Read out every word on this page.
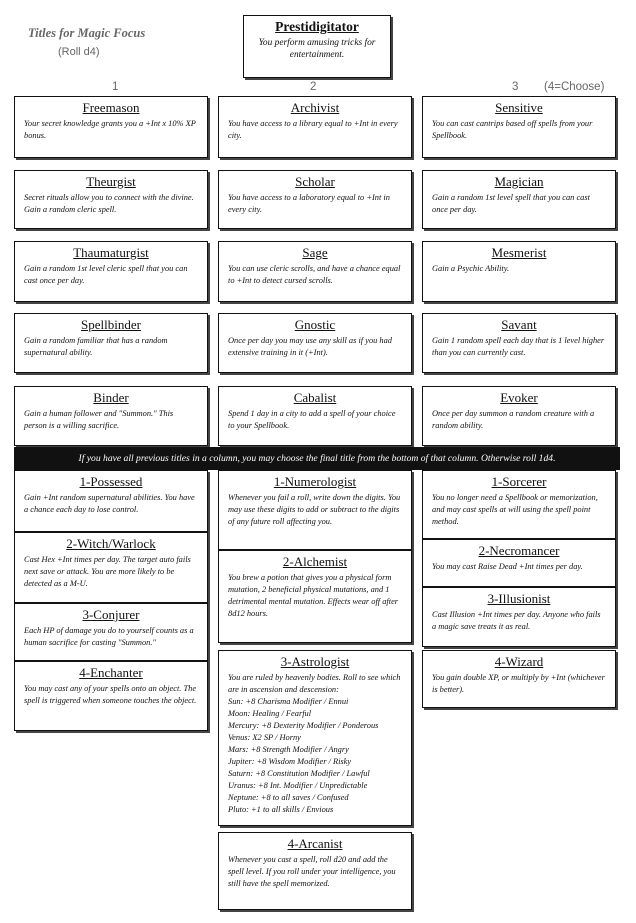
Titles for Magic Focus
(Roll d4)
Prestidigitator
You perform amusing tricks for entertainment.
1	2	3 (4=Choose)
Freemason
Your secret knowledge grants you a +Int x 10% XP bonus.
Theurgist
Secret rituals allow you to connect with the divine. Gain a random cleric spell.
Thaumaturgist
Gain a random 1st level cleric spell that you can cast once per day.
Spellbinder
Gain a random familiar that has a random supernatural ability.
Binder
Gain a human follower and "Summon." This person is a willing sacrifice.
Archivist
You have access to a library equal to +Int in every city.
Scholar
You have access to a laboratory equal to +Int in every city.
Sage
You can use cleric scrolls, and have a chance equal to +Int to detect cursed scrolls.
Gnostic
Once per day you may use any skill as if you had extensive training in it (+Int).
Cabalist
Spend 1 day in a city to add a spell of your choice to your Spellbook.
Sensitive
You can cast cantrips based off spells from your Spellbook.
Magician
Gain a random 1st level spell that you can cast once per day.
Mesmerist
Gain a Psychic Ability.
Savant
Gain 1 random spell each day that is 1 level higher than you can currently cast.
Evoker
Once per day summon a random creature with a random ability.
If you have all previous titles in a column, you may choose the final title from the bottom of that column. Otherwise roll 1d4.
1-Possessed
Gain +Int random supernatural abilities. You have a chance each day to lose control.
2-Witch/Warlock
Cast Hex +Int times per day. The target auto fails next save or attack. You are more likely to be detected as a M-U.
3-Conjurer
Each HP of damage you do to yourself counts as a human sacrifice for casting "Summon."
4-Enchanter
You may cast any of your spells onto an object. The spell is triggered when someone touches the object.
1-Numerologist
Whenever you fail a roll, write down the digits. You may use these digits to add or subtract to the digits of any future roll affecting you.
2-Alchemist
You brew a potion that gives you a physical form mutation, 2 beneficial physical mutations, and 1 detrimental mental mutation. Effects wear off after 8d12 hours.
3-Astrologist
You are ruled by heavenly bodies. Roll to see which are in ascension and descension:
Sun: +8 Charisma Modifier / Ennui
Moon: Healing / Fearful
Mercury: +8 Dexterity Modifier / Ponderous
Venus: X2 SP / Horny
Mars: +8 Strength Modifier / Angry
Jupiter: +8 Wisdom Modifier / Risky
Saturn: +8 Constitution Modifier / Lawful
Uranus: +8 Int. Modifier / Unpredictable
Neptune: +8 to all saves / Confused
Pluto: +1 to all skills / Envious
4-Arcanist
Whenever you cast a spell, roll d20 and add the spell level. If you roll under your intelligence, you still have the spell memorized.
1-Sorcerer
You no longer need a Spellbook or memorization, and may cast spells at will using the spell point method.
2-Necromancer
You may cast Raise Dead +Int times per day.
3-Illusionist
Cast Illusion +Int times per day. Anyone who fails a magic save treats it as real.
4-Wizard
You gain double XP, or multiply by +Int (whichever is better).
